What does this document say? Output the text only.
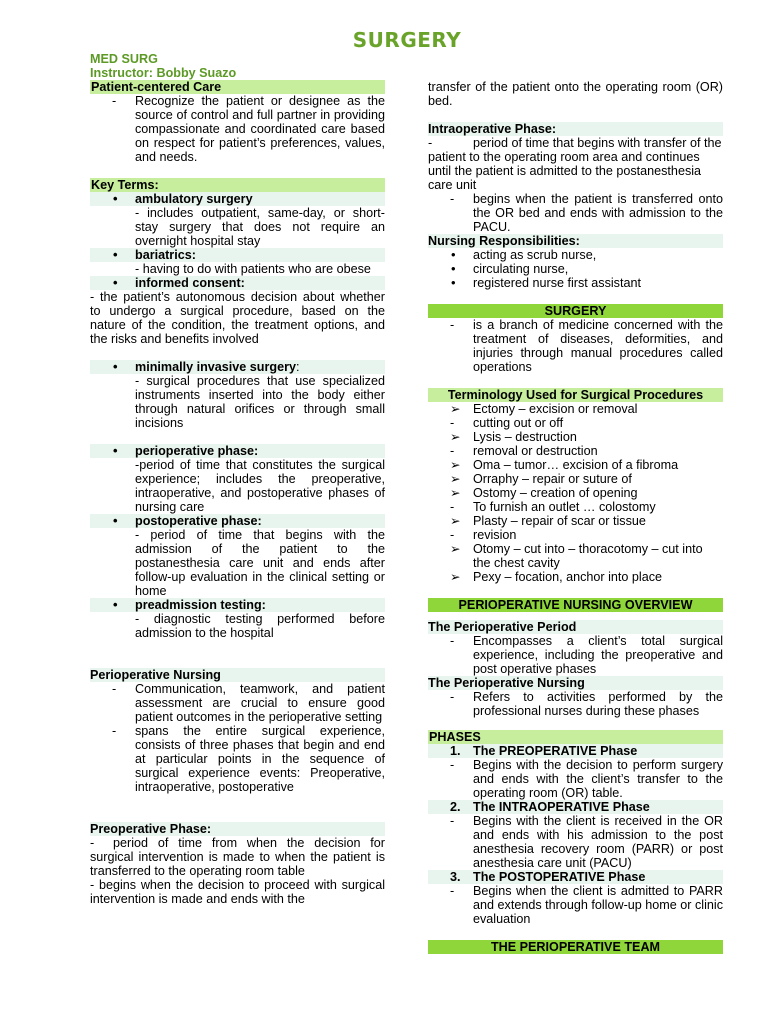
SURGERY

MED SURG

Instructor: Bobby Suazo

Patient-centered Care

- Recognize the patient or designee as the source of control and full partner in providing compassionate and coordinated care based on respect for patient’s preferences, values, and needs.

Key Terms:

• ambulatory surgery
- includes outpatient, same-day, or short-stay surgery that does not require an overnight hospital stay
• bariatrics:
- having to do with patients who are obese
• informed consent:
- the patient’s autonomous decision about whether to undergo a surgical procedure, based on the nature of the condition, the treatment options, and the risks and benefits involved
• minimally invasive surgery:
- surgical procedures that use specialized instruments inserted into the body either through natural orifices or through small incisions
• perioperative phase:
-period of time that constitutes the surgical experience; includes the preoperative, intraoperative, and postoperative phases of nursing care
• postoperative phase:
- period of time that begins with the admission of the patient to the postanesthesia care unit and ends after follow-up evaluation in the clinical setting or home
• preadmission testing:
- diagnostic testing performed before admission to the hospital

Perioperative Nursing

- Communication, teamwork, and patient assessment are crucial to ensure good patient outcomes in the perioperative setting
- spans the entire surgical experience, consists of three phases that begin and end at particular points in the sequence of surgical experience events: Preoperative, intraoperative, postoperative

Preoperative Phase:

- period of time from when the decision for surgical intervention is made to when the patient is transferred to the operating room table
- begins when the decision to proceed with surgical intervention is made and ends with the
transfer of the patient onto the operating room (OR) bed.

Intraoperative Phase:

-	period of time that begins with transfer of the
patient to the operating room area and continues until the patient is admitted to the postanesthesia care unit
- begins when the patient is transferred onto the OR bed and ends with admission to the PACU.

Nursing Responsibilities:

• acting as scrub nurse,
• circulating nurse,
• registered nurse first assistant

SURGERY

- is a branch of medicine concerned with the treatment of diseases, deformities, and injuries through manual procedures called operations

Terminology Used for Surgical Procedures

➢ Ectomy – excision or removal
- cutting out or off
➢ Lysis – destruction
- removal or destruction
➢ Oma – tumor… excision of a fibroma
➢ Orraphy – repair or suture of
➢ Ostomy – creation of opening
- To furnish an outlet … colostomy
➢ Plasty – repair of scar or tissue
- revision
➢ Otomy – cut into – thoracotomy – cut into the chest cavity
➢ Pexy – focation, anchor into place

PERIOPERATIVE NURSING OVERVIEW

The Perioperative Period

- Encompasses a client’s total surgical experience, including the preoperative and post operative phases

The Perioperative Nursing

- Refers to activities performed by the professional nurses during these phases

PHASES

1. The PREOPERATIVE Phase
- Begins with the decision to perform surgery and ends with the client’s transfer to the operating room (OR) table.
2. The INTRAOPERATIVE Phase
- Begins with the client is received in the OR and ends with his admission to the post anesthesia recovery room (PARR) or post anesthesia care unit (PACU)
3. The POSTOPERATIVE Phase
- Begins when the client is admitted to PARR and extends through follow-up home or clinic evaluation

THE PERIOPERATIVE TEAM
